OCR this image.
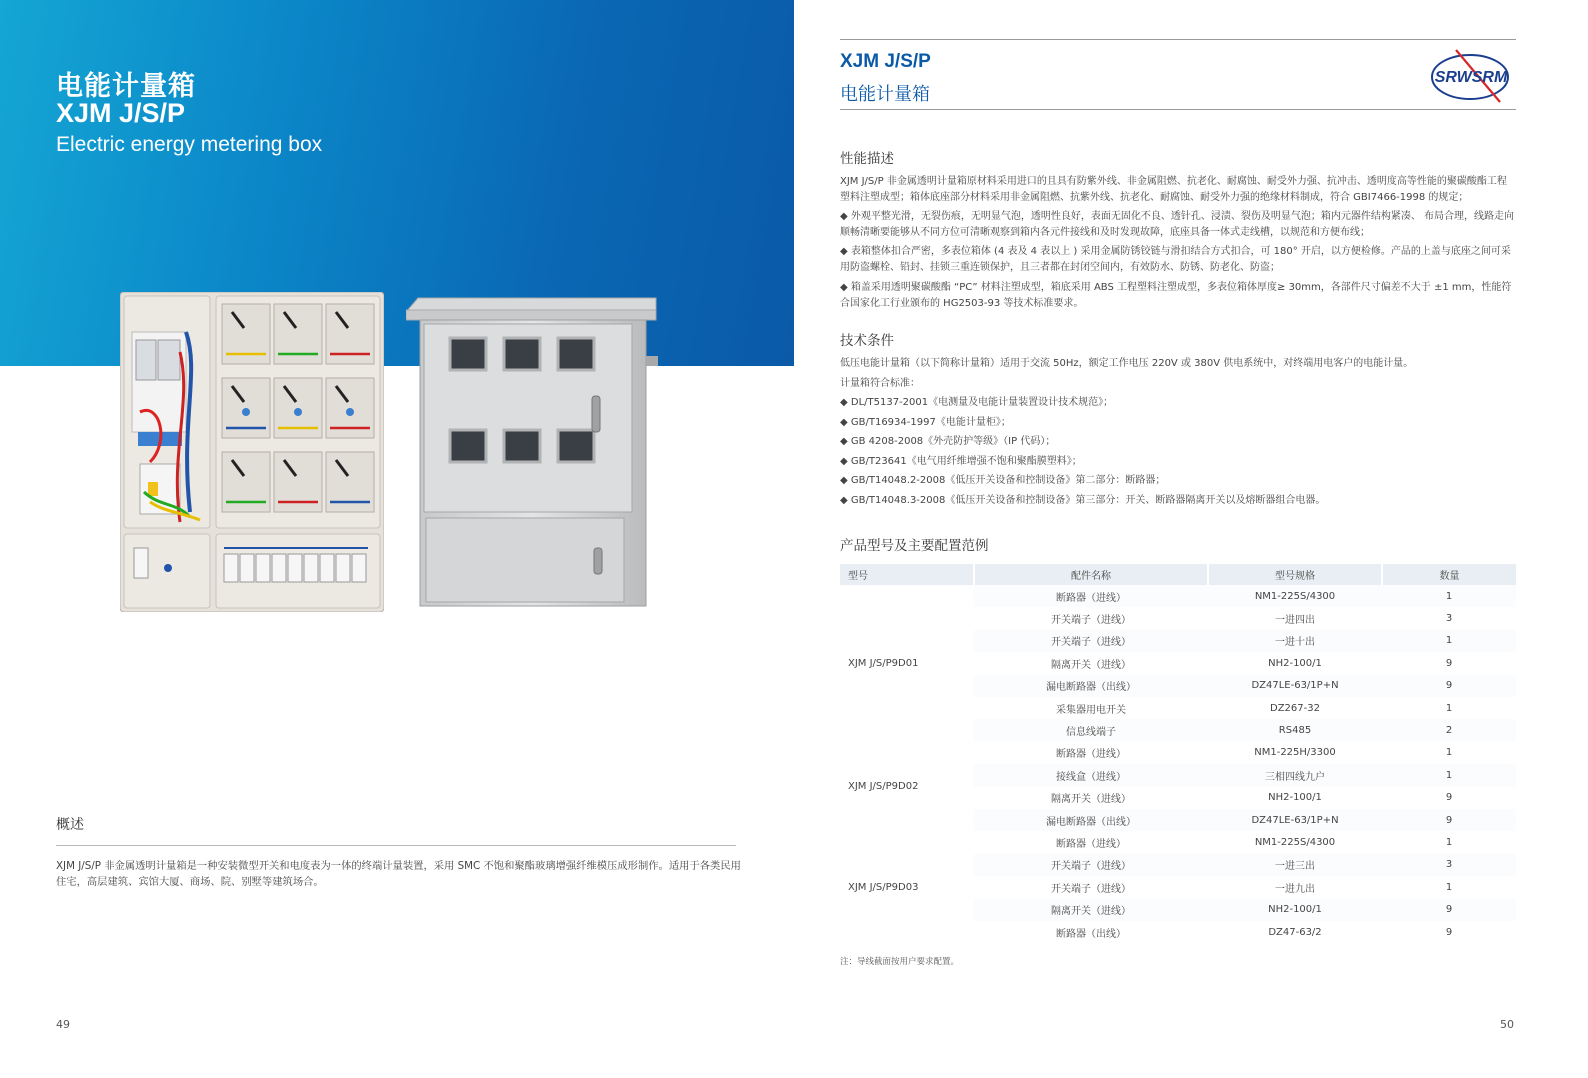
电能计量箱
XJM J/S/P
Electric energy metering box
概述
XJM J/S/P 非金属透明计量箱是一种安装微型开关和电度表为一体的终端计量装置，采用 SMC 不饱和聚酯玻璃增强纤维模压成形制作。适用于各类民用住宅，高层建筑、宾馆大厦、商场、院、别墅等建筑场合。
49
XJM J/S/P
电能计量箱
SRWSRM
性能描述
XJM J/S/P 非金属透明计量箱原材料采用进口的且具有防紫外线、非金属阻燃、抗老化、耐腐蚀、耐受外力强、抗冲击、透明度高等性能的聚碳酸酯工程塑料注塑成型；箱体底座部分材料采用非金属阻燃、抗紫外线、抗老化、耐腐蚀、耐受外力强的绝缘材料制成，符合 GBI7466-1998 的规定；
◆ 外观平整光滑，无裂伤痕，无明显气泡，透明性良好，表面无固化不良、透针孔、浸渍、裂伤及明显气泡；箱内元器件结构紧凑、 布局合理，线路走向顺畅清晰要能够从不同方位可清晰观察到箱内各元件接线和及时发现故障，底座具备一体式走线槽，以规范和方便布线；
◆ 表箱整体扣合严密，多表位箱体 (4 表及 4 表以上 ) 采用金属防锈铰链与滑扣结合方式扣合，可 180° 开启，以方便检修。产品的上盖与底座之间可采用防盗螺栓、铅封、挂锁三重连锁保护，且三者都在封闭空间内，有效防水、防锈、防老化、防盗；
◆ 箱盖采用透明聚碳酸酯 “PC” 材料注塑成型，箱底采用 ABS 工程塑料注塑成型，多表位箱体厚度≥ 30mm，各部件尺寸偏差不大于 ±1 mm，性能符合国家化工行业颁布的 HG2503-93 等技术标准要求。
技术条件
低压电能计量箱（以下简称计量箱）适用于交流 50Hz，额定工作电压 220V 或 380V 供电系统中，对终端用电客户的电能计量。
计量箱符合标准：
◆ DL/T5137-2001《电测量及电能计量装置设计技术规范》；
◆ GB/T16934-1997《电能计量柜》；
◆ GB 4208-2008《外壳防护等级》（IP 代码）；
◆ GB/T23641《电气用纤维增强不饱和聚酯膜塑料》；
◆ GB/T14048.2-2008《低压开关设备和控制设备》第二部分：断路器；
◆ GB/T14048.3-2008《低压开关设备和控制设备》第三部分：开关、断路器隔离开关以及熔断器组合电器。
产品型号及主要配置范例
型号	配件名称	型号规格	数量
XJM J/S/P9D01	断路器（进线）	NM1-225S/4300	1
	开关端子（进线）	一进四出	3
	开关端子（进线）	一进十出	1
	隔离开关（进线）	NH2-100/1	9
	漏电断路器（出线）	DZ47LE-63/1P+N	9
	采集器用电开关	DZ267-32	1
	信息线端子	RS485	2
XJM J/S/P9D02	断路器（进线）	NM1-225H/3300	1
	接线盒（进线）	三相四线九户	1
	隔离开关（进线）	NH2-100/1	9
	漏电断路器（出线）	DZ47LE-63/1P+N	9
XJM J/S/P9D03	断路器（进线）	NM1-225S/4300	1
	开关端子（进线）	一进三出	3
	开关端子（进线）	一进九出	1
	隔离开关（进线）	NH2-100/1	9
	断路器（出线）	DZ47-63/2	9
注：导线截面按用户要求配置。
50
